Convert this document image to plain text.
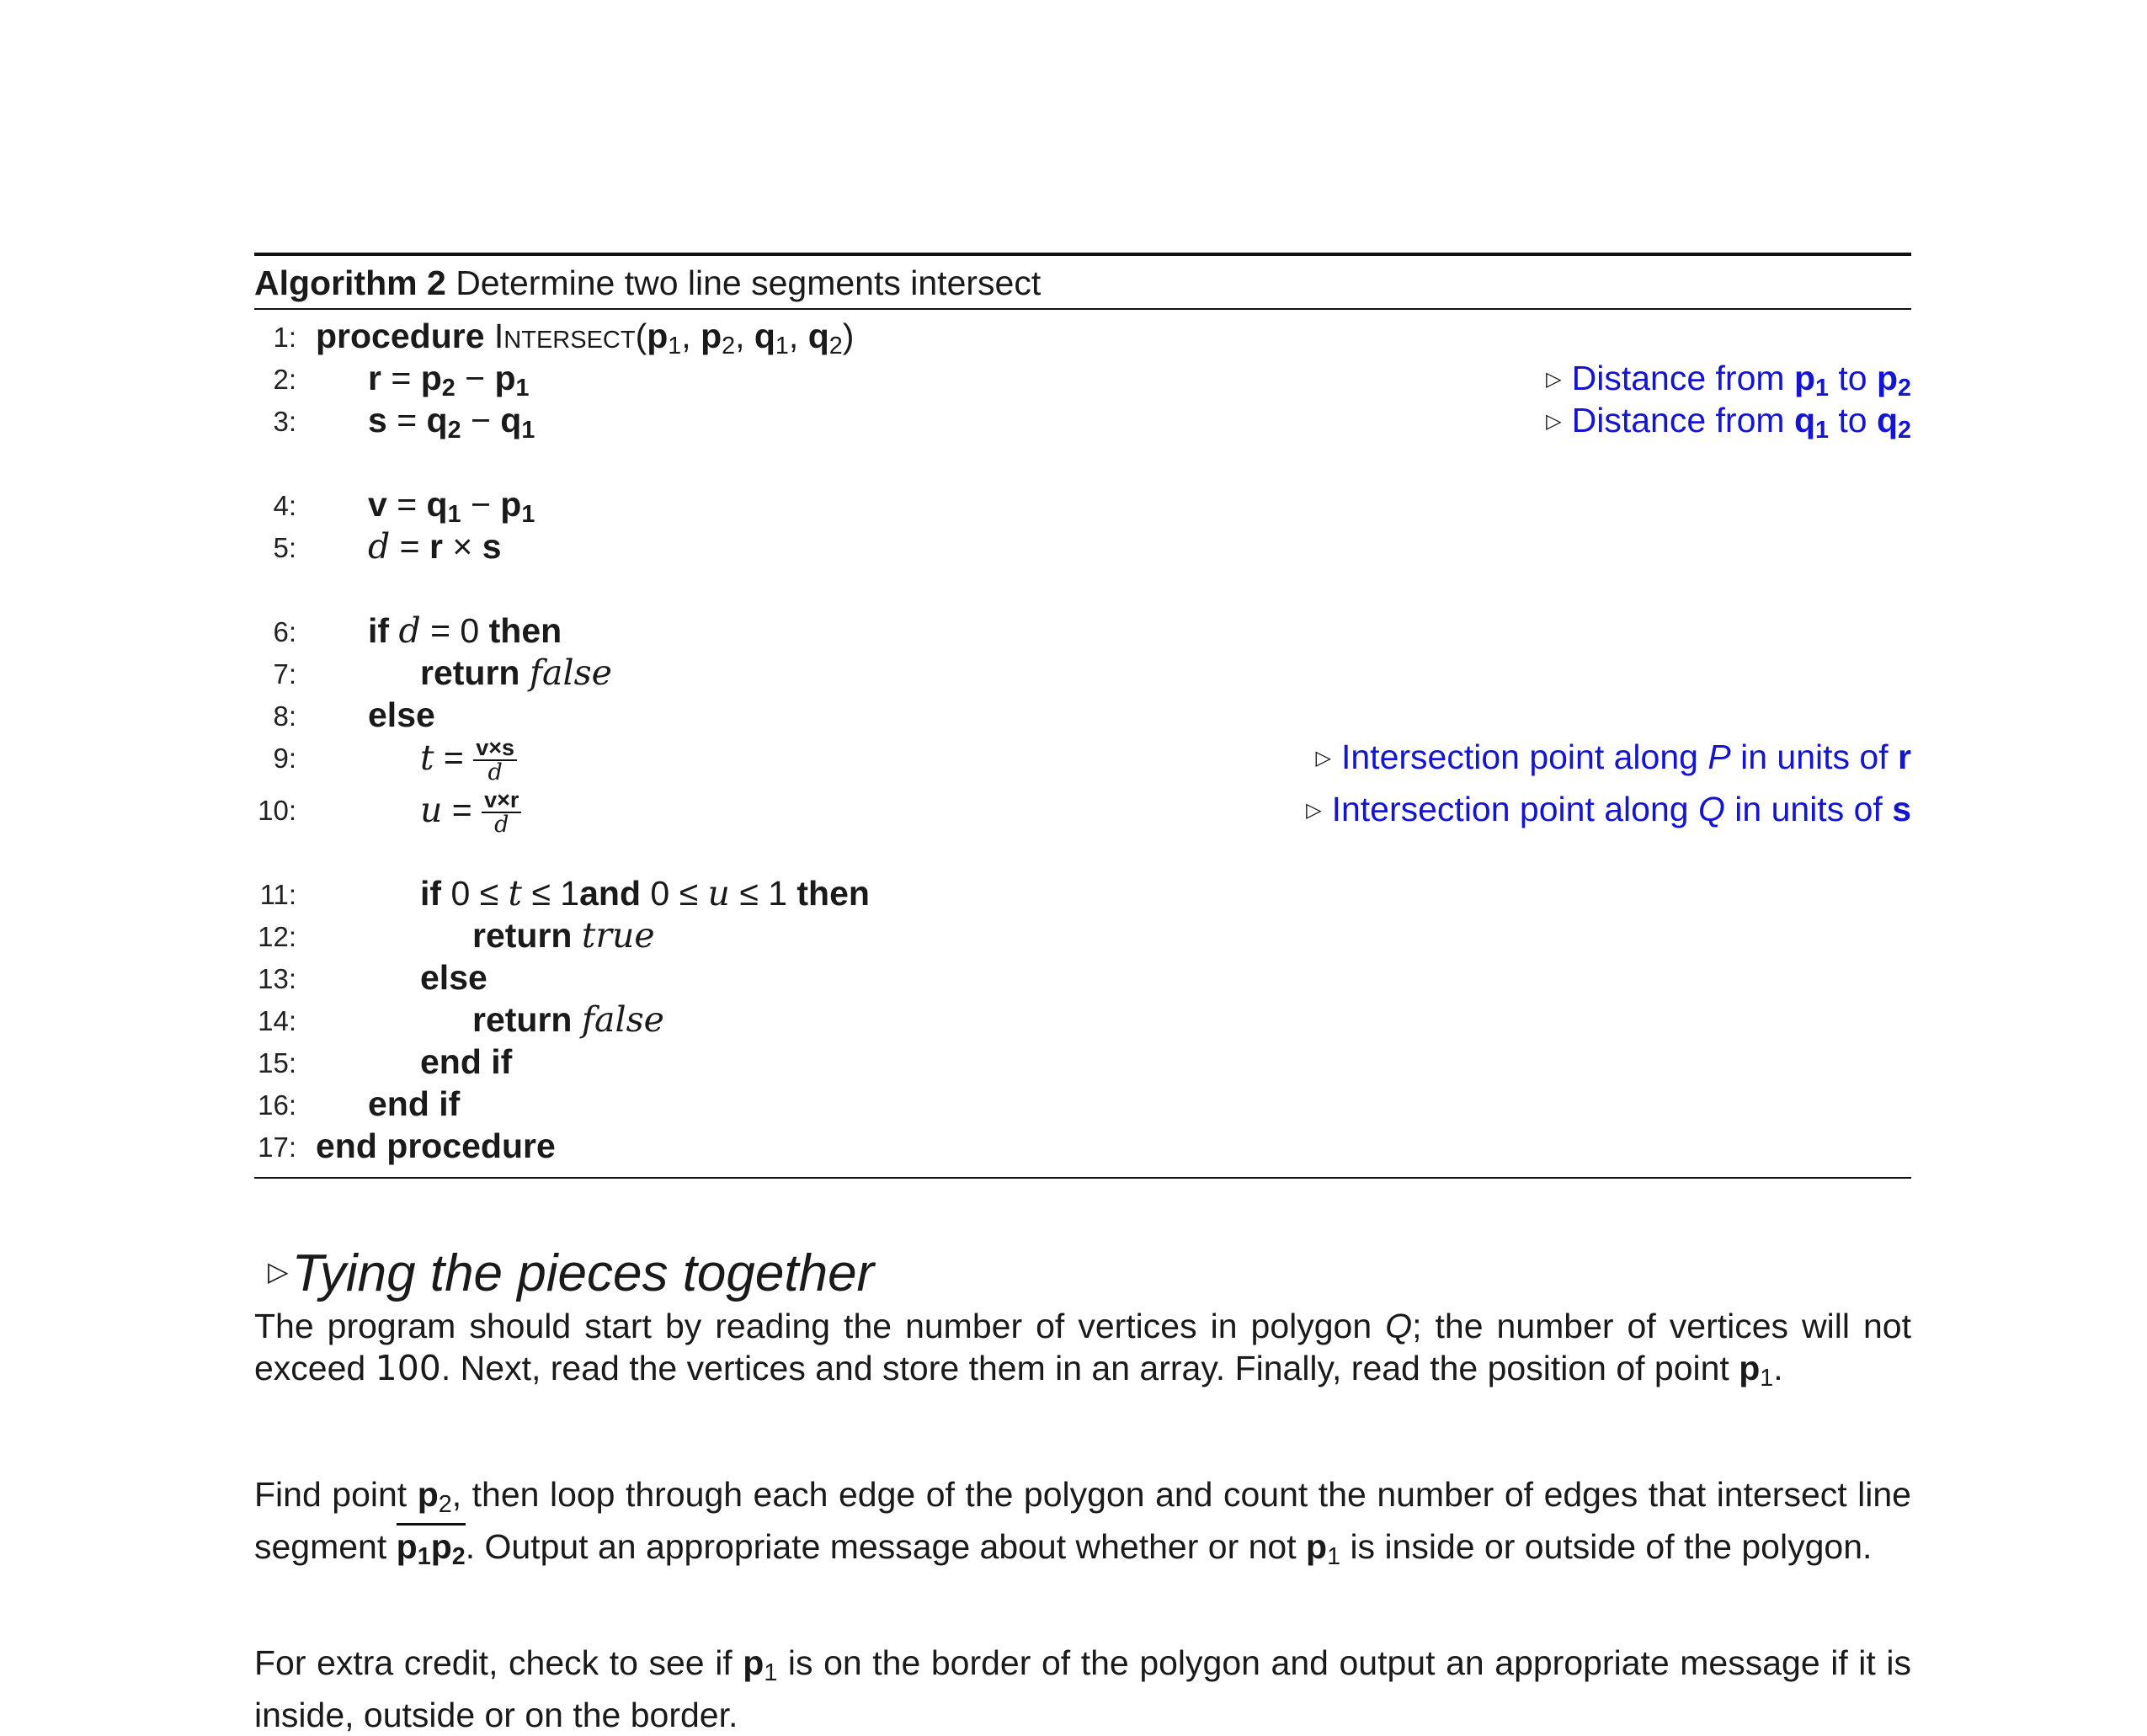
Algorithm 2 Determine two line segments intersect
1: procedure $Intersect(p_1$, $p_2$, $q_1$, $q_2$)
2: $r = p_2 - p_1$	▷ Distance from $p_1$ to $p_2$
3: $s = q_2 - q_1$	▷ Distance from $q_1$ to $q_2$
4: $v = q_1 - p_1$
5: d = r × s
6: if d = 0 then
7:	return false
8: else
9:	$t = \frac{v\times s}{d}$	▷ Intersection point along P in units of r
10:	$u = \frac{v\times r}{d}$	▷ Intersection point along Q in units of s
11:	if 0 ≤ t ≤ 1and 0 ≤ u ≤ 1 then
12:	return true
13:	else
14:	return false
15:	end if
16: end if
17: end procedure
▷Tying the pieces together
The program should start by reading the number of vertices in polygon Q; the number of vertices will not exceed 100. Next, read the vertices and store them in an array. Finally, read the position of point $p_1$.
Find point $p_2$, then loop through each edge of the polygon and count the number of edges that intersect line segment $p_1p_2$. Output an appropriate message about whether or not $p_1$ is inside or outside of the polygon.
For extra credit, check to see if $p_1$ is on the border of the polygon and output an appropriate message if it is inside, outside or on the border.
